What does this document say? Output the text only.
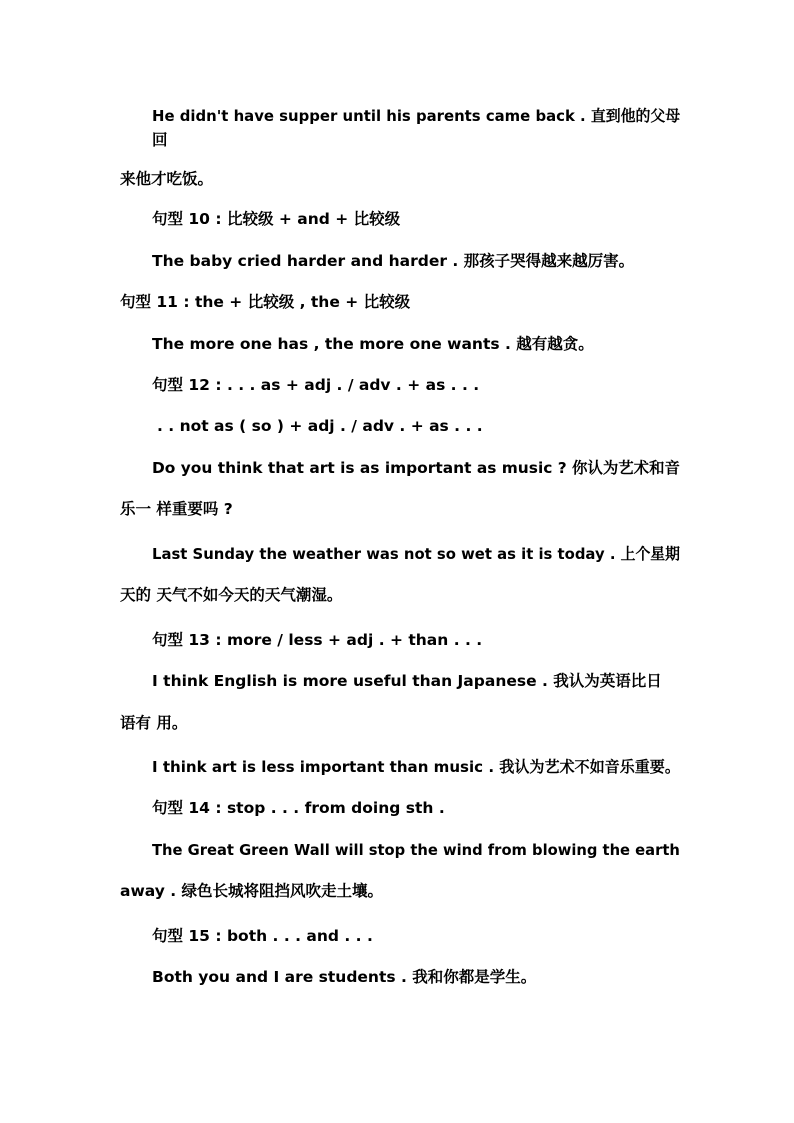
He didn't have supper until his parents came back . 直到他的父母
回
来他才吃饭。
句型 10 : 比较级 + and + 比较级
The baby cried harder and harder . 那孩子哭得越来越厉害。
句型 11 : the + 比较级 , the + 比较级
The more one has , the more one wants . 越有越贪。
句型 12 : . . . as + adj . / adv . + as . . .
. . not as ( so ) + adj . / adv . + as . . .
Do you think that art is as important as music ? 你认为艺术和音
乐一 样重要吗 ?
Last Sunday the weather was not so wet as it is today . 上个星期
天的 天气不如今天的天气潮湿。
句型 13 : more / less + adj . + than . . .
I think English is more useful than Japanese . 我认为英语比日
语有 用。
I think art is less important than music . 我认为艺术不如音乐重要。
句型 14 : stop . . . from doing sth .
The Great Green Wall will stop the wind from blowing the earth
away . 绿色长城将阻挡风吹走土壤。
句型 15 : both . . . and . . .
Both you and I are students . 我和你都是学生。
